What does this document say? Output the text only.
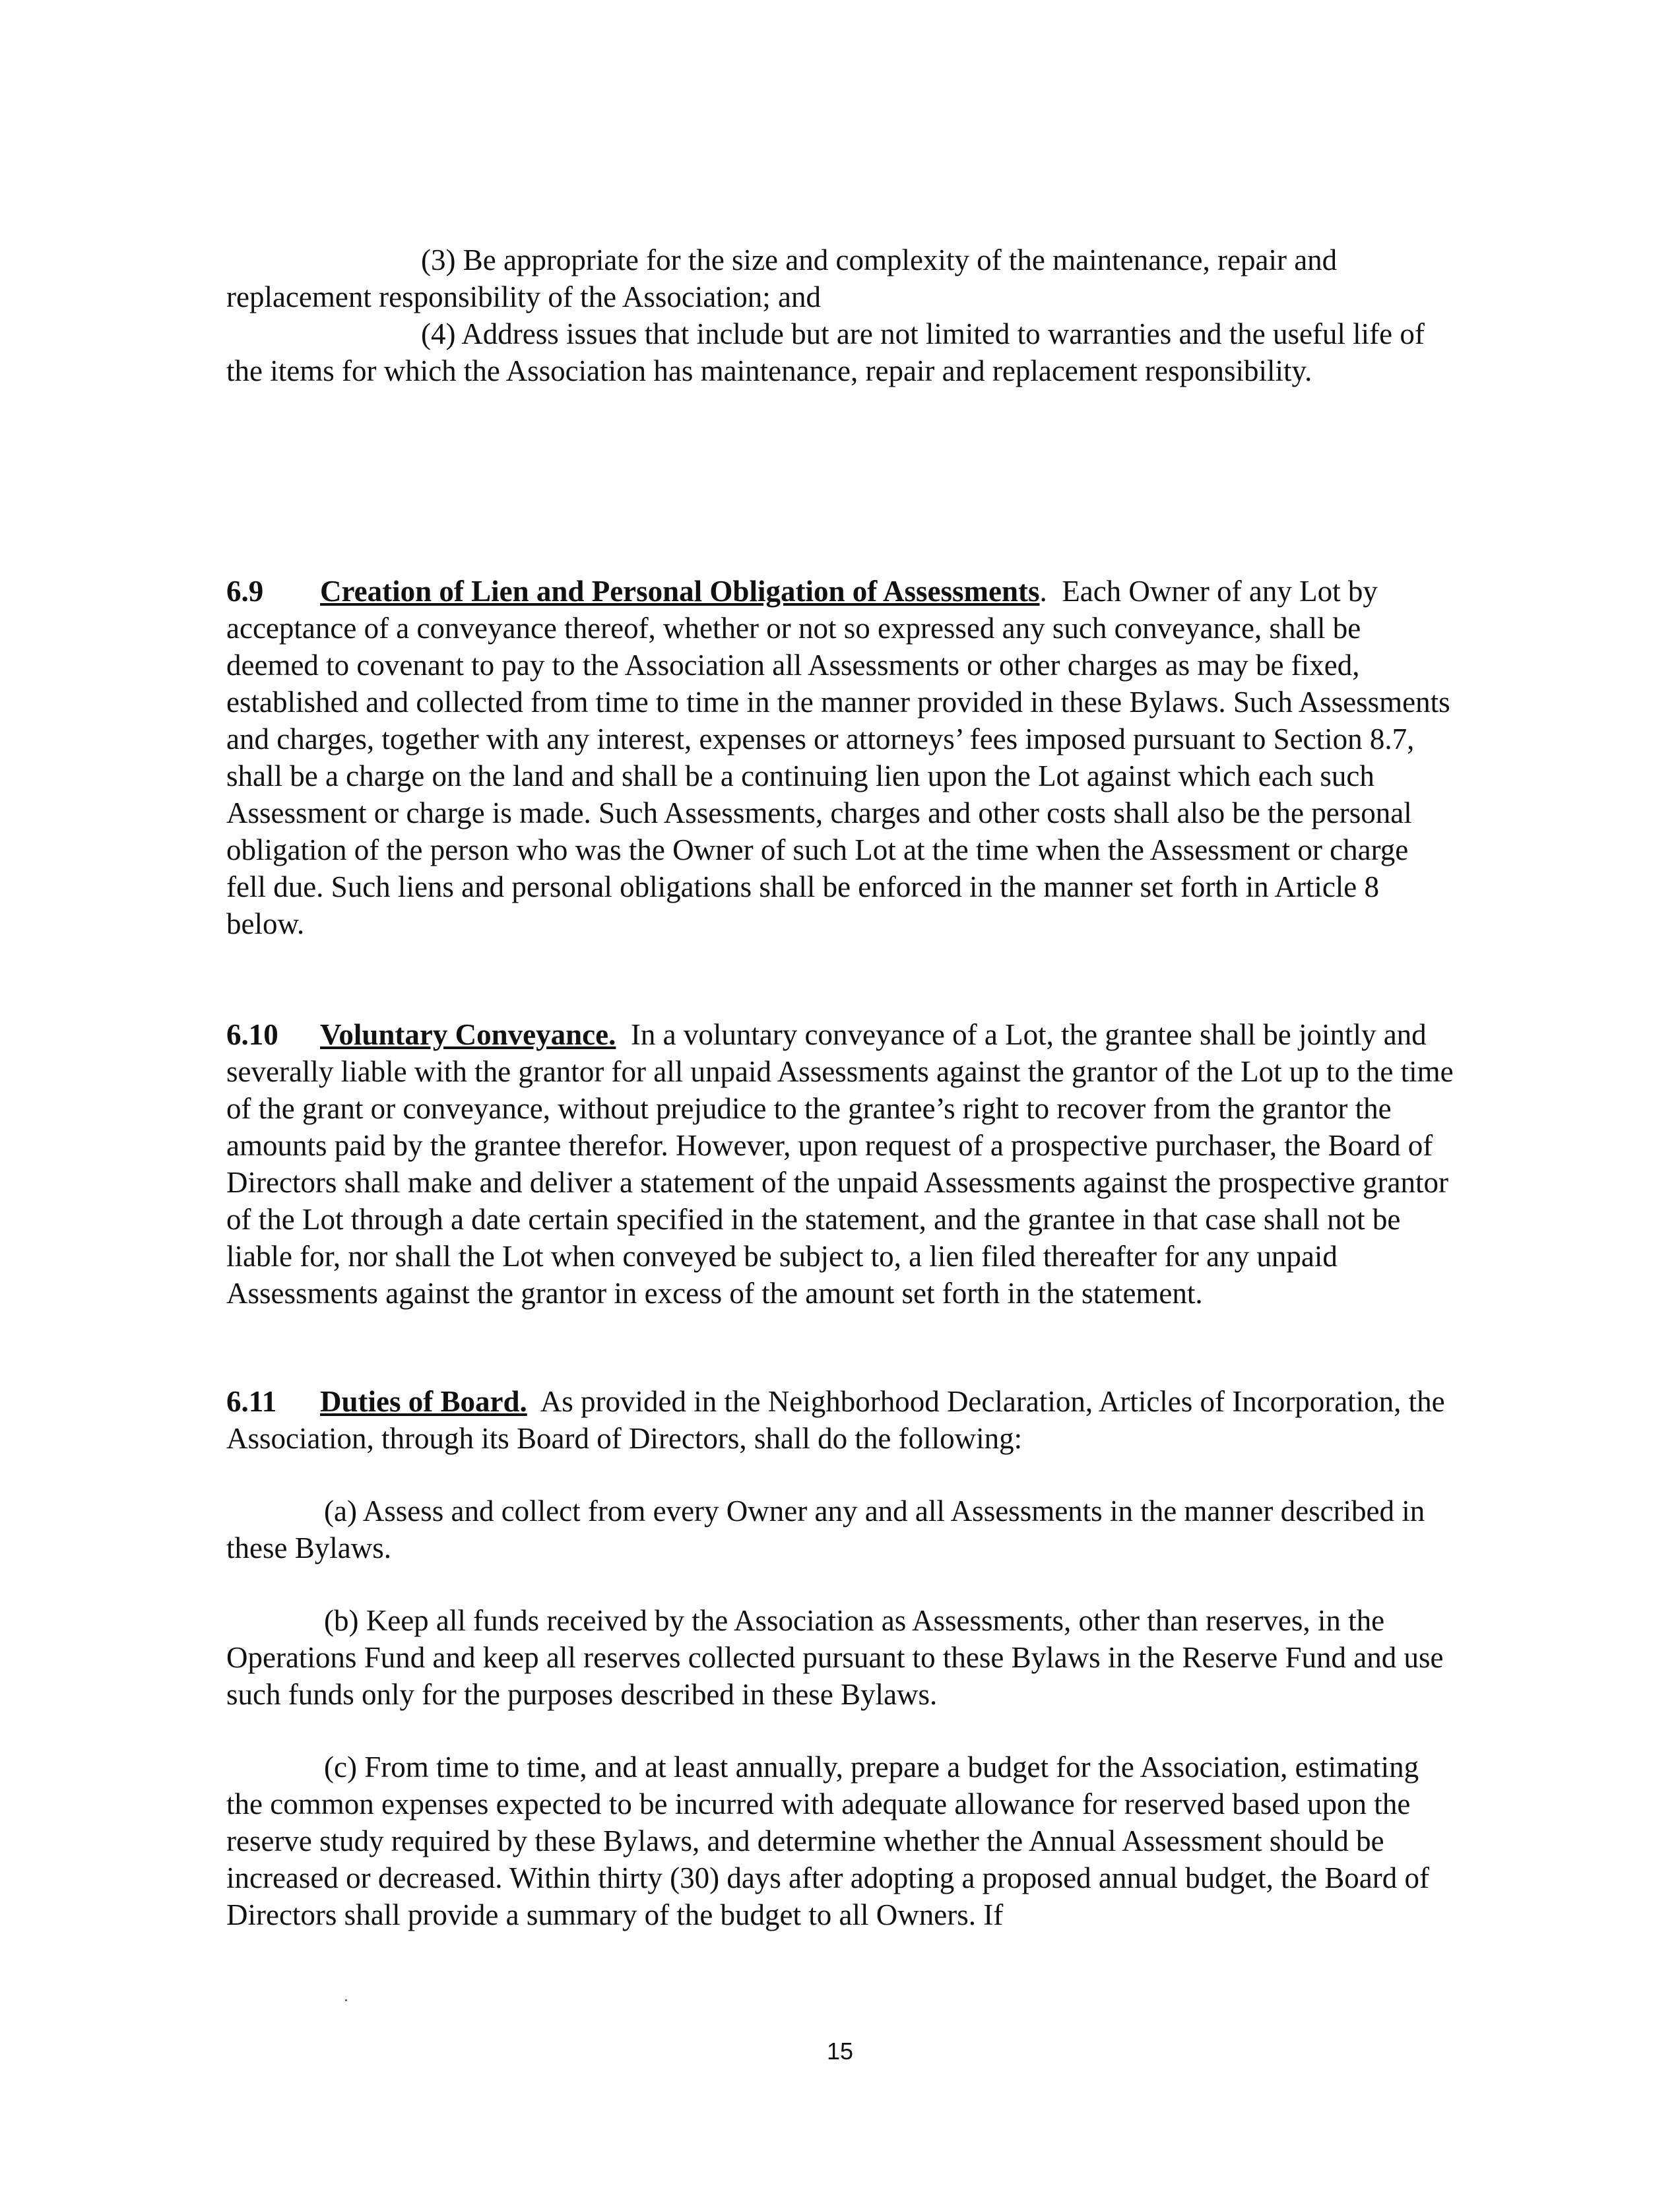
(3) Be appropriate for the size and complexity of the maintenance, repair and replacement responsibility of the Association; and

(4) Address issues that include but are not limited to warranties and the useful life of the items for which the Association has maintenance, repair and replacement responsibility.

6.9 Creation of Lien and Personal Obligation of Assessments. Each Owner of any Lot by acceptance of a conveyance thereof, whether or not so expressed any such conveyance, shall be deemed to covenant to pay to the Association all Assessments or other charges as may be fixed, established and collected from time to time in the manner provided in these Bylaws. Such Assessments and charges, together with any interest, expenses or attorneys’ fees imposed pursuant to Section 8.7, shall be a charge on the land and shall be a continuing lien upon the Lot against which each such Assessment or charge is made. Such Assessments, charges and other costs shall also be the personal obligation of the person who was the Owner of such Lot at the time when the Assessment or charge fell due. Such liens and personal obligations shall be enforced in the manner set forth in Article 8 below.

6.10 Voluntary Conveyance. In a voluntary conveyance of a Lot, the grantee shall be jointly and severally liable with the grantor for all unpaid Assessments against the grantor of the Lot up to the time of the grant or conveyance, without prejudice to the grantee’s right to recover from the grantor the amounts paid by the grantee therefor. However, upon request of a prospective purchaser, the Board of Directors shall make and deliver a statement of the unpaid Assessments against the prospective grantor of the Lot through a date certain specified in the statement, and the grantee in that case shall not be liable for, nor shall the Lot when conveyed be subject to, a lien filed thereafter for any unpaid Assessments against the grantor in excess of the amount set forth in the statement.

6.11 Duties of Board. As provided in the Neighborhood Declaration, Articles of Incorporation, the Association, through its Board of Directors, shall do the following:

(a) Assess and collect from every Owner any and all Assessments in the manner described in these Bylaws.

(b) Keep all funds received by the Association as Assessments, other than reserves, in the Operations Fund and keep all reserves collected pursuant to these Bylaws in the Reserve Fund and use such funds only for the purposes described in these Bylaws.

(c) From time to time, and at least annually, prepare a budget for the Association, estimating the common expenses expected to be incurred with adequate allowance for reserved based upon the reserve study required by these Bylaws, and determine whether the Annual Assessment should be increased or decreased. Within thirty (30) days after adopting a proposed annual budget, the Board of Directors shall provide a summary of the budget to all Owners. If

15
